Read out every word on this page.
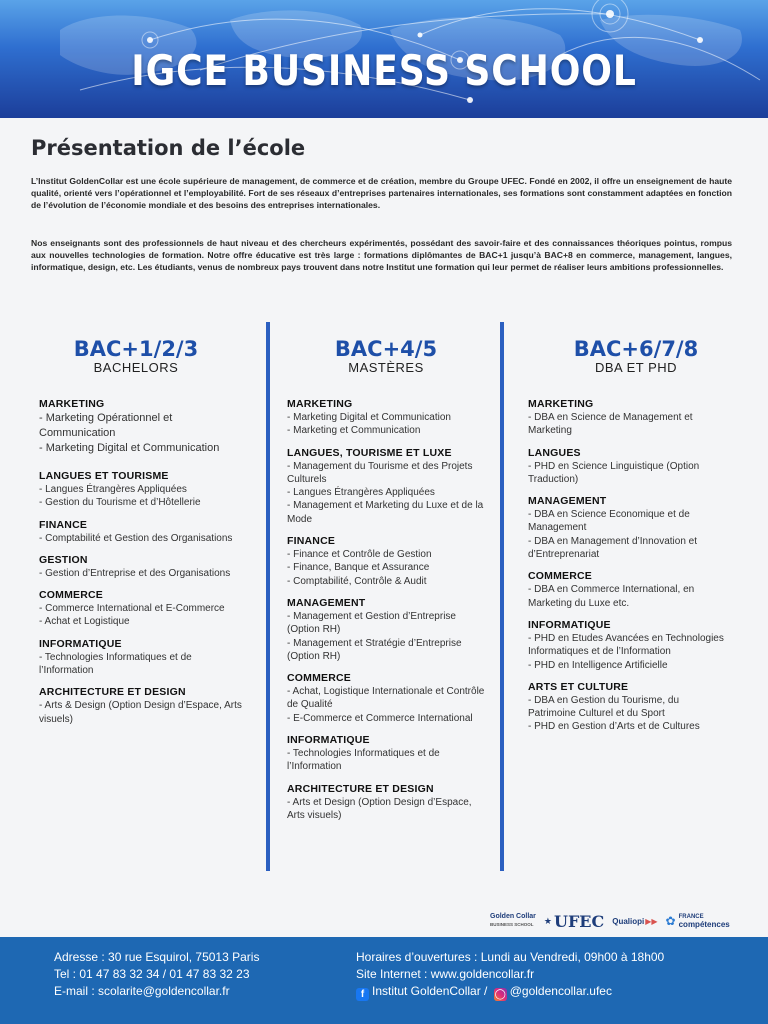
IGCE BUSINESS SCHOOL
Présentation de l’école
L’Institut GoldenCollar est une école supérieure de management, de commerce et de création, membre du Groupe UFEC. Fondé en 2002, il offre un enseignement de haute qualité, orienté vers l’opérationnel et l’employabilité. Fort de ses réseaux d’entreprises partenaires internationales, ses formations sont constamment adaptées en fonction de l’évolution de l’économie mondiale et des besoins des entreprises internationales.
Nos enseignants sont des professionnels de haut niveau et des chercheurs expérimentés, possédant des savoir-faire et des connaissances théoriques pointus, rompus aux nouvelles technologies de formation. Notre offre éducative est très large : formations diplômantes de BAC+1 jusqu’à BAC+8 en commerce, management, langues, informatique, design, etc. Les étudiants, venus de nombreux pays trouvent dans notre Institut une formation qui leur permet de réaliser leurs ambitions professionnelles.
BAC+1/2/3
BACHELORS
MARKETING
- Marketing Opérationnel et Communication
- Marketing Digital et Communication
LANGUES ET TOURISME
- Langues Étrangères Appliquées
- Gestion du Tourisme et d’Hôtellerie
FINANCE
- Comptabilité et Gestion des Organisations
GESTION
- Gestion d’Entreprise et des Organisations
COMMERCE
- Commerce International et E-Commerce
- Achat et Logistique
INFORMATIQUE
- Technologies Informatiques et de l’Information
ARCHITECTURE ET DESIGN
- Arts & Design (Option Design d’Espace, Arts visuels)
BAC+4/5
MASTÈRES
MARKETING
- Marketing Digital et Communication
- Marketing et Communication
LANGUES, TOURISME ET LUXE
- Management du Tourisme et des Projets Culturels
- Langues Étrangères Appliquées
- Management et Marketing du Luxe et de la Mode
FINANCE
- Finance et Contrôle de Gestion
- Finance, Banque et Assurance
- Comptabilité, Contrôle & Audit
MANAGEMENT
- Management et Gestion d’Entreprise (Option RH)
- Management et Stratégie d’Entreprise (Option RH)
COMMERCE
- Achat, Logistique Internationale et Contrôle de Qualité
- E-Commerce et Commerce International
INFORMATIQUE
- Technologies Informatiques et de l’Information
ARCHITECTURE ET DESIGN
- Arts et Design (Option Design d’Espace, Arts visuels)
BAC+6/7/8
DBA ET PHD
MARKETING
- DBA en Science de Management et Marketing
LANGUES
- PHD en Science Linguistique (Option Traduction)
MANAGEMENT
- DBA en Science Economique et de Management
- DBA en Management d’Innovation et d’Entreprenariat
COMMERCE
- DBA en Commerce International, en Marketing du Luxe etc.
INFORMATIQUE
- PHD en Etudes Avancées en Technologies Informatiques et de l’Information
- PHD en Intelligence Artificielle
ARTS ET CULTURE
- DBA en Gestion du Tourisme, du Patrimoine Culturel et du Sport
- PHD en Gestion d’Arts et de Cultures
Golden Collar
BUSINESS SCHOOL ★ UFEC Qualiopi ▶▶ ✿ FRANCE
compétences
Adresse : 30 rue Esquirol, 75013 Paris
Tel : 01 47 83 32 34 / 01 47 83 32 23
E-mail : scolarite@goldencollar.fr
Horaires d’ouvertures : Lundi au Vendredi, 09h00 à 18h00
Site Internet : www.goldencollar.fr
f Institut GoldenCollar / ◯ @goldencollar.ufec
